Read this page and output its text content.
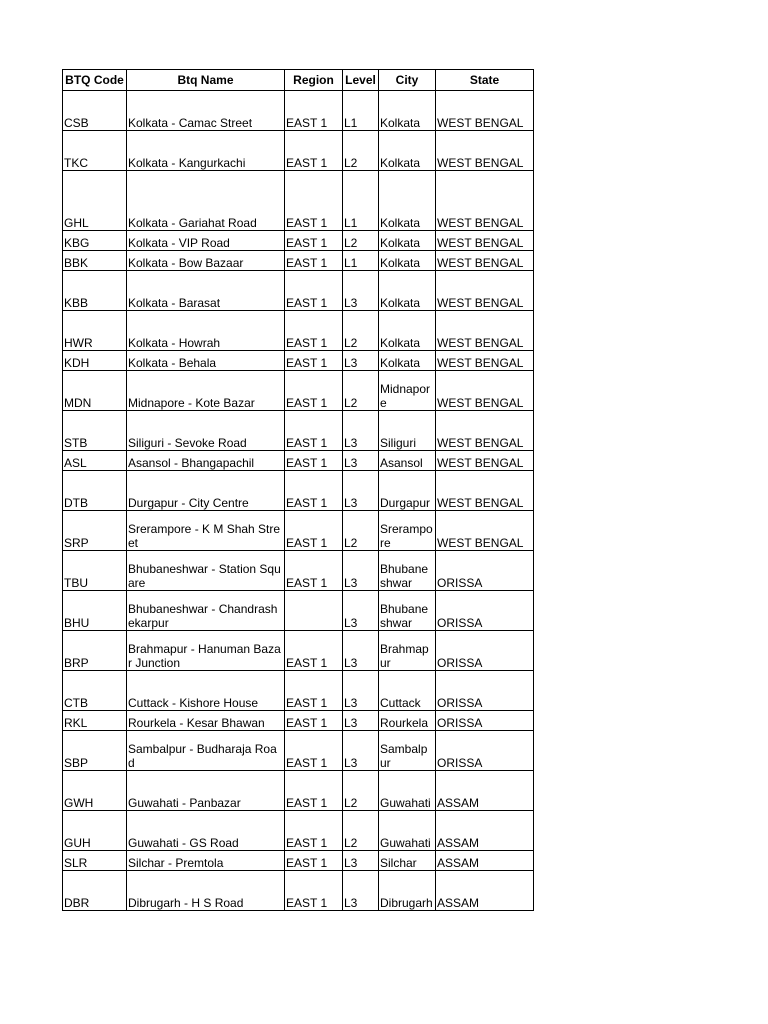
BTQ Code	Btq Name	Region	Level	City	State
CSB	Kolkata - Camac Street	EAST 1	L1	Kolkata	WEST BENGAL
TKC	Kolkata - Kangurkachi	EAST 1	L2	Kolkata	WEST BENGAL
GHL	Kolkata - Gariahat Road	EAST 1	L1	Kolkata	WEST BENGAL
KBG	Kolkata - VIP Road	EAST 1	L2	Kolkata	WEST BENGAL
BBK	Kolkata - Bow Bazaar	EAST 1	L1	Kolkata	WEST BENGAL
KBB	Kolkata - Barasat	EAST 1	L3	Kolkata	WEST BENGAL
HWR	Kolkata - Howrah	EAST 1	L2	Kolkata	WEST BENGAL
KDH	Kolkata - Behala	EAST 1	L3	Kolkata	WEST BENGAL
MDN	Midnapore - Kote Bazar	EAST 1	L2	Midnapore	WEST BENGAL
STB	Siliguri - Sevoke Road	EAST 1	L3	Siliguri	WEST BENGAL
ASL	Asansol - Bhangapachil	EAST 1	L3	Asansol	WEST BENGAL
DTB	Durgapur - City Centre	EAST 1	L3	Durgapur	WEST BENGAL
SRP	Srerampore - K M Shah Street	EAST 1	L2	Srerampore	WEST BENGAL
TBU	Bhubaneshwar - Station Square	EAST 1	L3	Bhubaneshwar	ORISSA
BHU	Bhubaneshwar - Chandrashekarpur		L3	Bhubaneshwar	ORISSA
BRP	Brahmapur - Hanuman Bazar Junction	EAST 1	L3	Brahmapur	ORISSA
CTB	Cuttack - Kishore House	EAST 1	L3	Cuttack	ORISSA
RKL	Rourkela - Kesar Bhawan	EAST 1	L3	Rourkela	ORISSA
SBP	Sambalpur - Budharaja Road	EAST 1	L3	Sambalpur	ORISSA
GWH	Guwahati - Panbazar	EAST 1	L2	Guwahati	ASSAM
GUH	Guwahati - GS Road	EAST 1	L2	Guwahati	ASSAM
SLR	Silchar - Premtola	EAST 1	L3	Silchar	ASSAM
DBR	Dibrugarh - H S Road	EAST 1	L3	Dibrugarh	ASSAM
